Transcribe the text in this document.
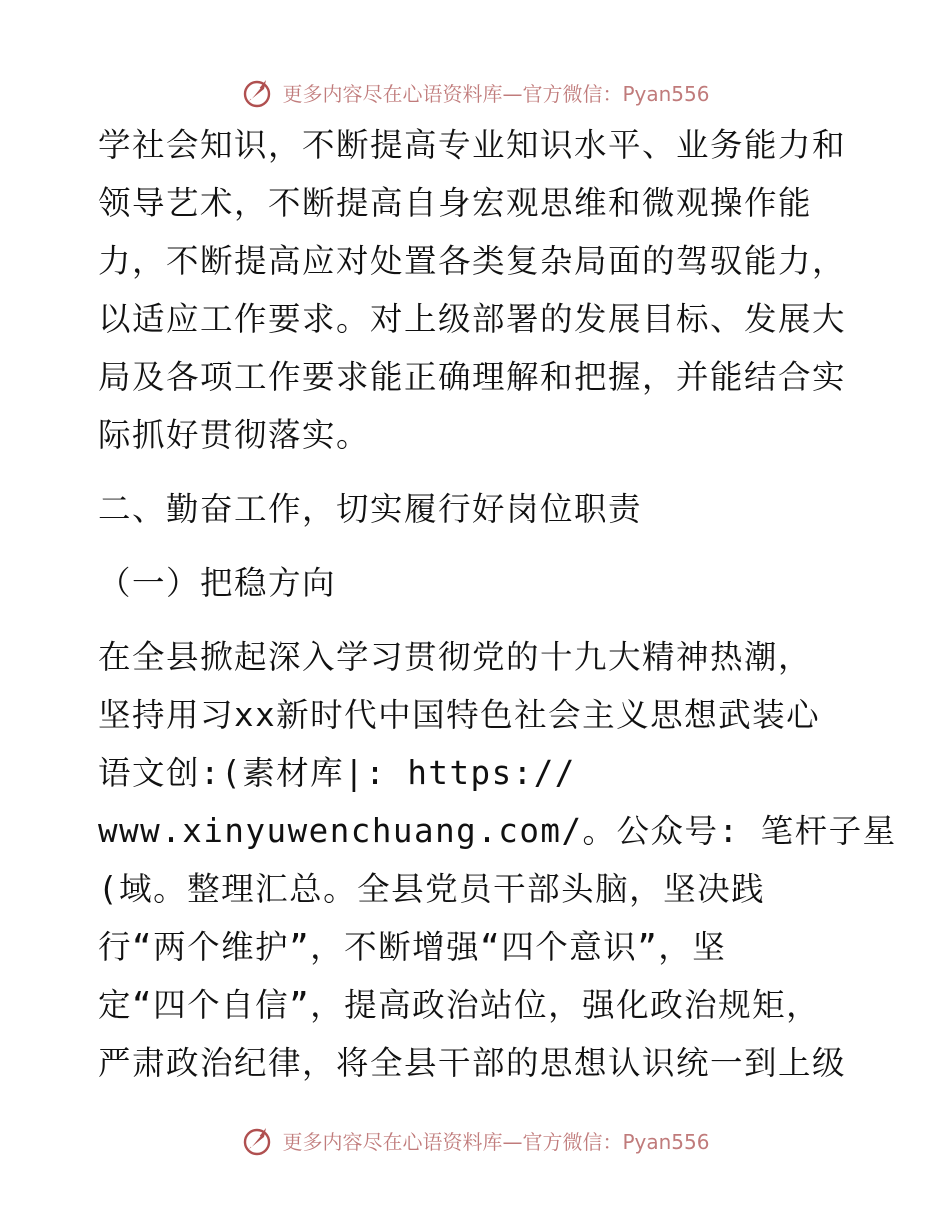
更多内容尽在心语资料库—官方微信：Pyan556
学社会知识，不断提高专业知识水平、业务能力和
领导艺术，不断提高自身宏观思维和微观操作能
力，不断提高应对处置各类复杂局面的驾驭能力，
以适应工作要求。对上级部署的发展目标、发展大
局及各项工作要求能正确理解和把握，并能结合实
际抓好贯彻落实。
二、勤奋工作，切实履行好岗位职责
（一）把稳方向
在全县掀起深入学习贯彻党的十九大精神热潮，
坚持用习xx新时代中国特色社会主义思想武装心
语文创:(素材库|: https://
www.xinyuwenchuang.com/。公众号: 笔杆子星
(域。整理汇总。全县党员干部头脑，坚决践
行“两个维护”，不断增强“四个意识”，坚
定“四个自信”，提高政治站位，强化政治规矩，
严肃政治纪律，将全县干部的思想认识统一到上级
更多内容尽在心语资料库—官方微信：Pyan556
